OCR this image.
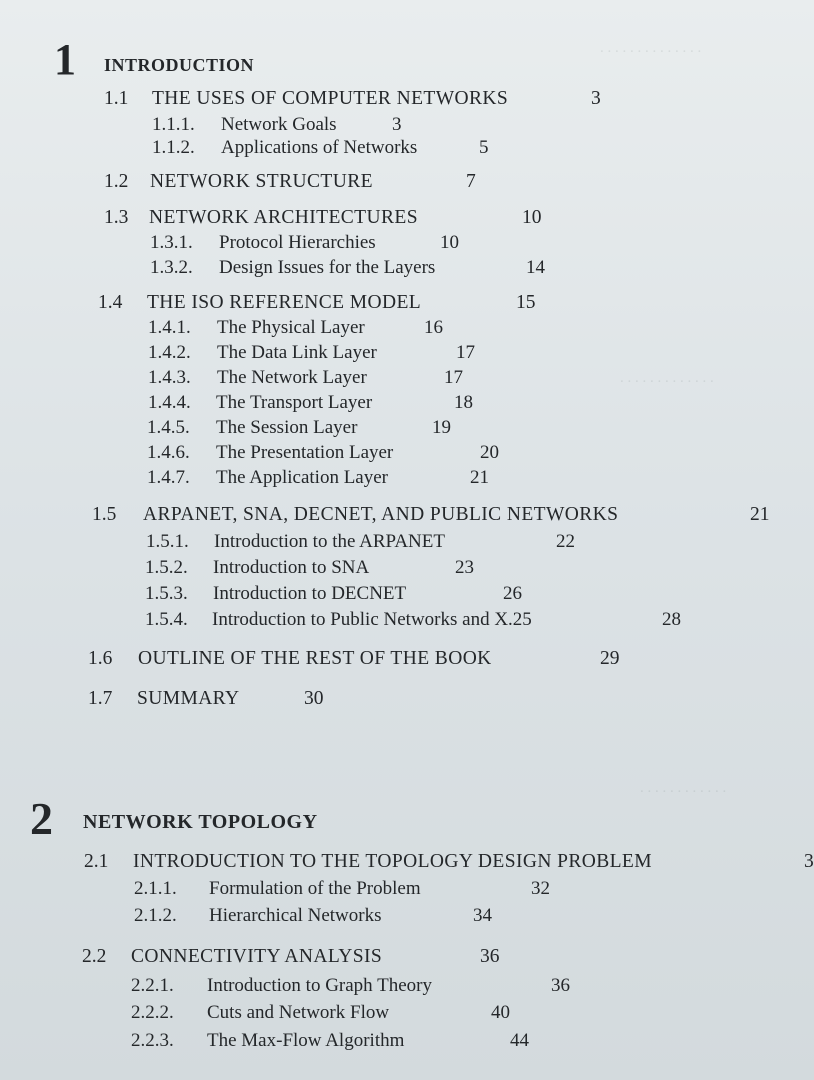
. . . . . . . . . . . . . .
. . . . . . . . . . . . .
. . . . . . . . . . . .
1 INTRODUCTION
1.1 THE USES OF COMPUTER NETWORKS	3
1.1.1. Network Goals	3
1.1.2. Applications of Networks	5
1.2 NETWORK STRUCTURE	7
1.3 NETWORK ARCHITECTURES	10
1.3.1. Protocol Hierarchies	10
1.3.2. Design Issues for the Layers	14
1.4 THE ISO REFERENCE MODEL	15
1.4.1. The Physical Layer	16
1.4.2. The Data Link Layer	17
1.4.3. The Network Layer	17
1.4.4. The Transport Layer	18
1.4.5. The Session Layer	19
1.4.6. The Presentation Layer	20
1.4.7. The Application Layer	21
1.5 ARPANET, SNA, DECNET, AND PUBLIC NETWORKS	21
1.5.1. Introduction to the ARPANET	22
1.5.2. Introduction to SNA	23
1.5.3. Introduction to DECNET	26
1.5.4. Introduction to Public Networks and X.25	28
1.6 OUTLINE OF THE REST OF THE BOOK	29
1.7 SUMMARY	30
2 NETWORK TOPOLOGY
2.1 INTRODUCTION TO THE TOPOLOGY DESIGN PROBLEM	3
2.1.1. Formulation of the Problem	32
2.1.2. Hierarchical Networks	34
2.2 CONNECTIVITY ANALYSIS	36
2.2.1. Introduction to Graph Theory	36
2.2.2. Cuts and Network Flow	40
2.2.3. The Max-Flow Algorithm	44
